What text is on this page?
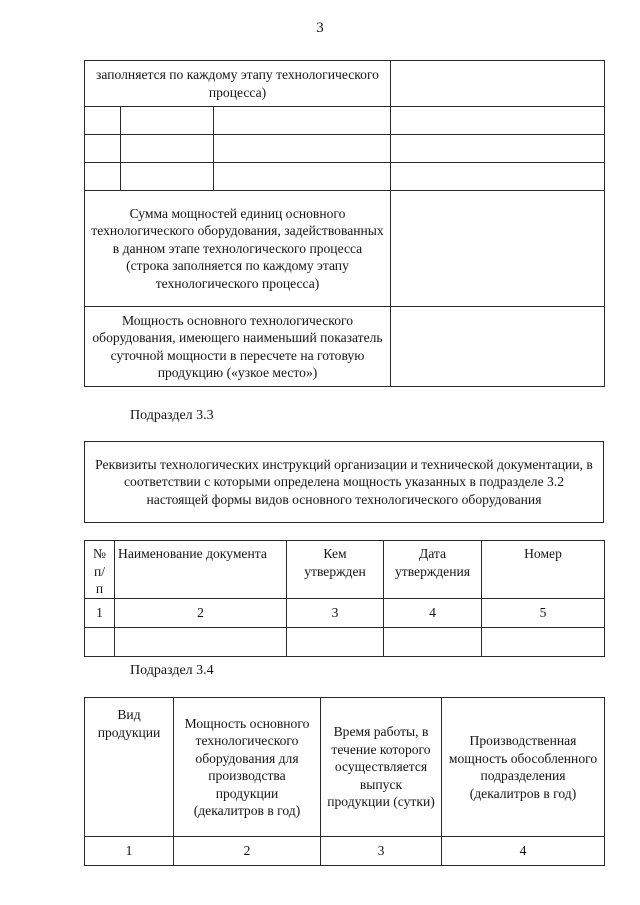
3
заполняется по каждому этапу технологического процесса)			

Сумма мощностей единиц основного технологического оборудования, задействованных в данном этапе технологического процесса (строка заполняется по каждому этапу технологического процесса)			
Мощность основного технологического оборудования, имеющего наименьший показатель суточной мощности в пересчете на готовую продукцию («узкое место»)			
Подраздел 3.3
Реквизиты технологических инструкций организации и технической документации, в соответствии с которыми определена мощность указанных в подразделе 3.2 настоящей формы видов основного технологического оборудования
№ п/п	Наименование документа	Кем утвержден	Дата утверждения	Номер
1	2	3	4	5

Подраздел 3.4
Вид продукции	Мощность основного технологического оборудования для производства продукции (декалитров в год)	Время работы, в течение которого осуществляется выпуск продукции (сутки)	Производственная мощность обособленного подразделения (декалитров в год)
1	2	3	4
